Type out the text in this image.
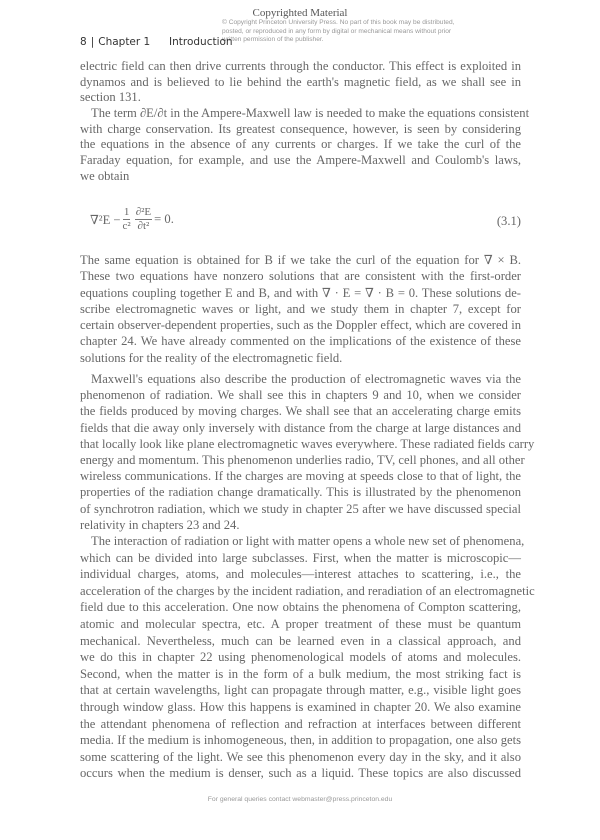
Copyrighted Material
© Copyright Princeton University Press. No part of this book may be distributed, posted, or reproduced in any form by digital or mechanical means without prior written permission of the publisher.
8 | Chapter 1 Introduction
electric field can then drive currents through the conductor. This effect is exploited in
dynamos and is believed to lie behind the earth's magnetic field, as we shall see in
section 131.
The term ∂E/∂t in the Ampere-Maxwell law is needed to make the equations consistent
with charge conservation. Its greatest consequence, however, is seen by considering
the equations in the absence of any currents or charges. If we take the curl of the
Faraday equation, for example, and use the Ampere-Maxwell and Coulomb's laws,
we obtain
$\nabla^2E - \frac{1}{\text{c²}} \frac{\text{∂²E}}{\text{∂t²}} = 0$.	(3.1)
The same equation is obtained for B if we take the curl of the equation for ∇ × B.
These two equations have nonzero solutions that are consistent with the first-order
equations coupling together E and B, and with ∇ · E = ∇ · B = 0. These solutions de-
scribe electromagnetic waves or light, and we study them in chapter 7, except for
certain observer-dependent properties, such as the Doppler effect, which are covered in
chapter 24. We have already commented on the implications of the existence of these
solutions for the reality of the electromagnetic field.
Maxwell's equations also describe the production of electromagnetic waves via the
phenomenon of radiation. We shall see this in chapters 9 and 10, when we consider
the fields produced by moving charges. We shall see that an accelerating charge emits
fields that die away only inversely with distance from the charge at large distances and
that locally look like plane electromagnetic waves everywhere. These radiated fields carry
energy and momentum. This phenomenon underlies radio, TV, cell phones, and all other
wireless communications. If the charges are moving at speeds close to that of light, the
properties of the radiation change dramatically. This is illustrated by the phenomenon
of synchrotron radiation, which we study in chapter 25 after we have discussed special
relativity in chapters 23 and 24.
The interaction of radiation or light with matter opens a whole new set of phenomena,
which can be divided into large subclasses. First, when the matter is microscopic—
individual charges, atoms, and molecules—interest attaches to scattering, i.e., the
acceleration of the charges by the incident radiation, and reradiation of an electromagnetic
field due to this acceleration. One now obtains the phenomena of Compton scattering,
atomic and molecular spectra, etc. A proper treatment of these must be quantum
mechanical. Nevertheless, much can be learned even in a classical approach, and
we do this in chapter 22 using phenomenological models of atoms and molecules.
Second, when the matter is in the form of a bulk medium, the most striking fact is
that at certain wavelengths, light can propagate through matter, e.g., visible light goes
through window glass. How this happens is examined in chapter 20. We also examine
the attendant phenomena of reflection and refraction at interfaces between different
media. If the medium is inhomogeneous, then, in addition to propagation, one also gets
some scattering of the light. We see this phenomenon every day in the sky, and it also
occurs when the medium is denser, such as a liquid. These topics are also discussed
For general queries contact webmaster@press.princeton.edu
